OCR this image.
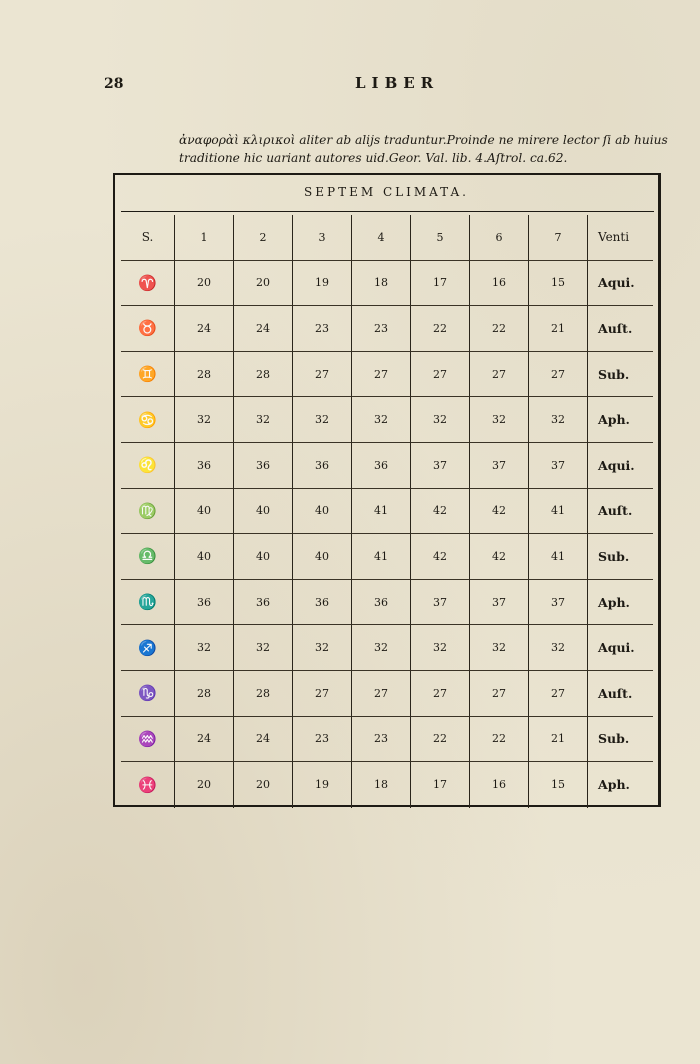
28	LIBER
ἀναφορὰὶ κλιρικοὶ aliter ab alijs traduntur.Proinde ne mirere lector ſi ab huius
traditione hic uariant autores uid.Geor. Val. lib. 4.Aſtrol. ca.62.
SEPTEM CLIMATA.
S.	1	2	3	4	5	6	7	Venti
♈	20	20	19	18	17	16	15	Aqui.
♉	24	24	23	23	22	22	21	Auſt.
♊	28	28	27	27	27	27	27	Sub.
♋	32	32	32	32	32	32	32	Aph.
♌	36	36	36	36	37	37	37	Aqui.
♍	40	40	40	41	42	42	41	Auſt.
♎	40	40	40	41	42	42	41	Sub.
♏	36	36	36	36	37	37	37	Aph.
♐	32	32	32	32	32	32	32	Aqui.
♑	28	28	27	27	27	27	27	Auſt.
♒	24	24	23	23	22	22	21	Sub.
♓	20	20	19	18	17	16	15	Aph.
